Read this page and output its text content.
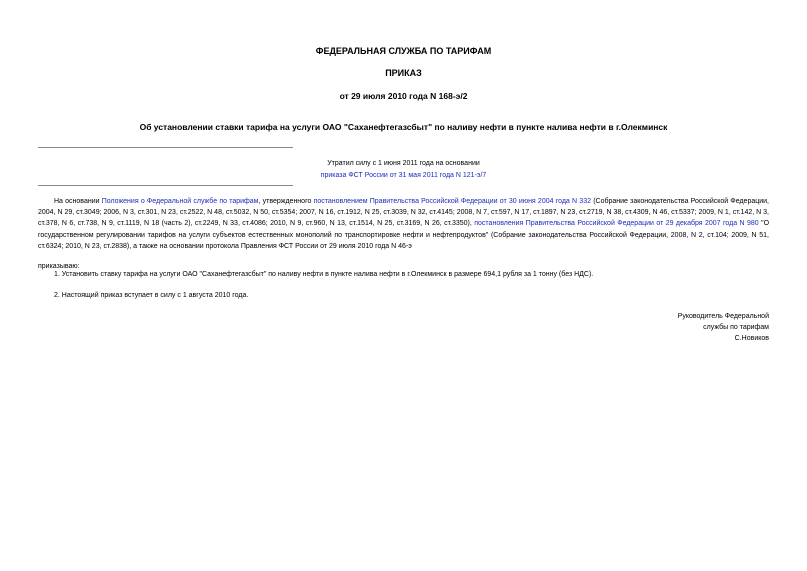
ФЕДЕРАЛЬНАЯ СЛУЖБА ПО ТАРИФАМ
ПРИКАЗ
от 29 июля 2010 года N 168-э/2
Об установлении ставки тарифа на услуги ОАО "Саханефтегазсбыт" по наливу нефти в пункте налива нефти в г.Олекминск
Утратил силу с 1 июня 2011 года на основании
приказа ФСТ России от 31 мая 2011 года N 121-э/7
На основании Положения о Федеральной службе по тарифам, утвержденного постановлением Правительства Российской Федерации от 30 июня 2004 года N 332 (Собрание законодательства Российской Федерации, 2004, N 29, ст.3049; 2006, N 3, ст.301, N 23, ст.2522, N 48, ст.5032, N 50, ст.5354; 2007, N 16, ст.1912, N 25, ст.3039, N 32, ст.4145; 2008, N 7, ст.597, N 17, ст.1897, N 23, ст.2719, N 38, ст.4309, N 46, ст.5337; 2009, N 1, ст.142, N 3, ст.378, N 6, ст.738, N 9, ст.1119, N 18 (часть 2), ст.2249, N 33, ст.4086; 2010, N 9, ст.960, N 13, ст.1514, N 25, ст.3169, N 26, ст.3350), постановления Правительства Российской Федерации от 29 декабря 2007 года N 980 "О государственном регулировании тарифов на услуги субъектов естественных монополий по транспортировке нефти и нефтепродуктов" (Собрание законодательства Российской Федерации, 2008, N 2, ст.104; 2009, N 51, ст.6324; 2010, N 23, ст.2838), а также на основании протокола Правления ФСТ России от 29 июля 2010 года N 46-э
приказываю:
1. Установить ставку тарифа на услуги ОАО "Саханефтегазсбыт" по наливу нефти в пункте налива нефти в г.Олекминск в размере 694,1 рубля за 1 тонну (без НДС).
2. Настоящий приказ вступает в силу с 1 августа 2010 года.
Руководитель Федеральной
службы по тарифам
С.Новиков
